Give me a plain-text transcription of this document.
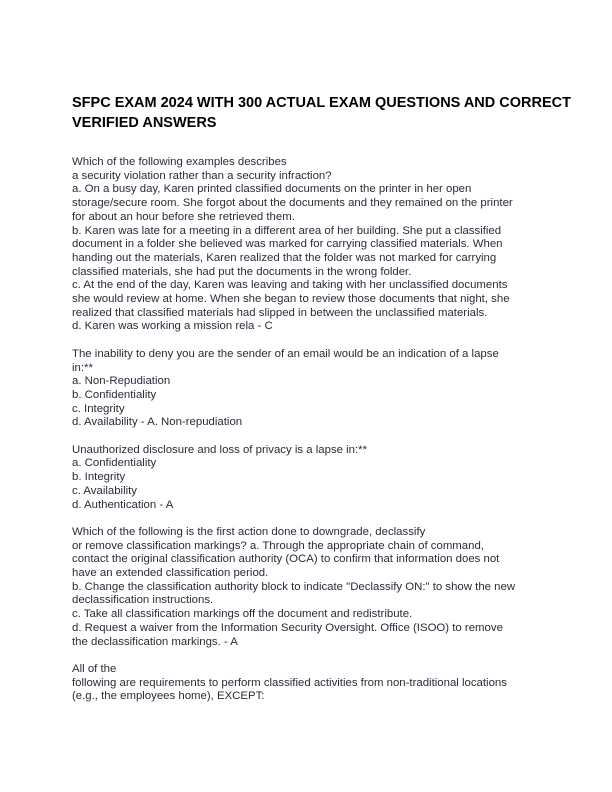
SFPC EXAM 2024 WITH 300 ACTUAL EXAM QUESTIONS AND CORRECT
VERIFIED ANSWERS
Which of the following examples describes
a security violation rather than a security infraction?
a. On a busy day, Karen printed classified documents on the printer in her open
storage/secure room. She forgot about the documents and they remained on the printer
for about an hour before she retrieved them.
b. Karen was late for a meeting in a different area of her building. She put a classified
document in a folder she believed was marked for carrying classified materials. When
handing out the materials, Karen realized that the folder was not marked for carrying
classified materials, she had put the documents in the wrong folder.
c. At the end of the day, Karen was leaving and taking with her unclassified documents
she would review at home. When she began to review those documents that night, she
realized that classified materials had slipped in between the unclassified materials.
d. Karen was working a mission rela - C
The inability to deny you are the sender of an email would be an indication of a lapse
in:**
a. Non-Repudiation
b. Confidentiality
c. Integrity
d. Availability - A. Non-repudiation
Unauthorized disclosure and loss of privacy is a lapse in:**
a. Confidentiality
b. Integrity
c. Availability
d. Authentication - A
Which of the following is the first action done to downgrade, declassify
or remove classification markings? a. Through the appropriate chain of command,
contact the original classification authority (OCA) to confirm that information does not
have an extended classification period.
b. Change the classification authority block to indicate "Declassify ON:" to show the new
declassification instructions.
c. Take all classification markings off the document and redistribute.
d. Request a waiver from the Information Security Oversight. Office (ISOO) to remove
the declassification markings. - A
All of the
following are requirements to perform classified activities from non-traditional locations
(e.g., the employees home), EXCEPT:
